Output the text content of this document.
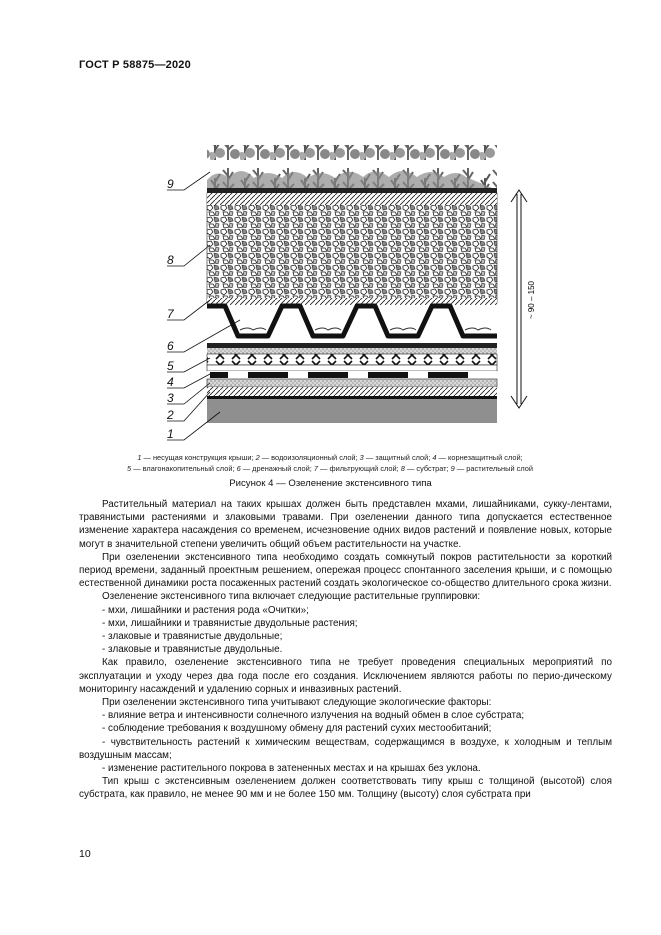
ГОСТ Р 58875—2020
~ 90 – 150
9
8
7
6
5
4
3
2
1
1 — несущая конструкция крыши; 2 — водоизоляционный слой; 3 — защитный слой; 4 — корнезащитный слой;
5 — влагонакопительный слой; 6 — дренажный слой; 7 — фильтрующий слой; 8 — субстрат; 9 — растительный слой
Рисунок 4 — Озеленение экстенсивного типа

Растительный материал на таких крышах должен быть представлен мхами, лишайниками, сукку-лентами, травянистыми растениями и злаковыми травами. При озеленении данного типа допускается естественное изменение характера насаждения со временем, исчезновение одних видов растений и появление новых, которые могут в значительной степени увеличить общий объем растительности на участке.

При озеленении экстенсивного типа необходимо создать сомкнутый покров растительности за короткий период времени, заданный проектным решением, опережая процесс спонтанного заселения крыши, и с помощью естественной динамики роста посаженных растений создать экологическое со-общество длительного срока жизни.

Озеленение экстенсивного типа включает следующие растительные группировки:

- мхи, лишайники и растения рода «Очитки»;

- мхи, лишайники и травянистые двудольные растения;

- злаковые и травянистые двудольные;

- злаковые и травянистые двудольные.

Как правило, озеленение экстенсивного типа не требует проведения специальных мероприятий по эксплуатации и уходу через два года после его создания. Исключением являются работы по перио-дическому мониторингу насаждений и удалению сорных и инвазивных растений.

При озеленении экстенсивного типа учитывают следующие экологические факторы:

- влияние ветра и интенсивности солнечного излучения на водный обмен в слое субстрата;

- соблюдение требования к воздушному обмену для растений сухих местообитаний;

- чувствительность растений к химическим веществам, содержащимся в воздухе, к холодным и теплым воздушным массам;

- изменение растительного покрова в затененных местах и на крышах без уклона.

Тип крыш с экстенсивным озеленением должен соответствовать типу крыш с толщиной (высотой) слоя субстрата, как правило, не менее 90 мм и не более 150 мм. Толщину (высоту) слоя субстрата при

10
